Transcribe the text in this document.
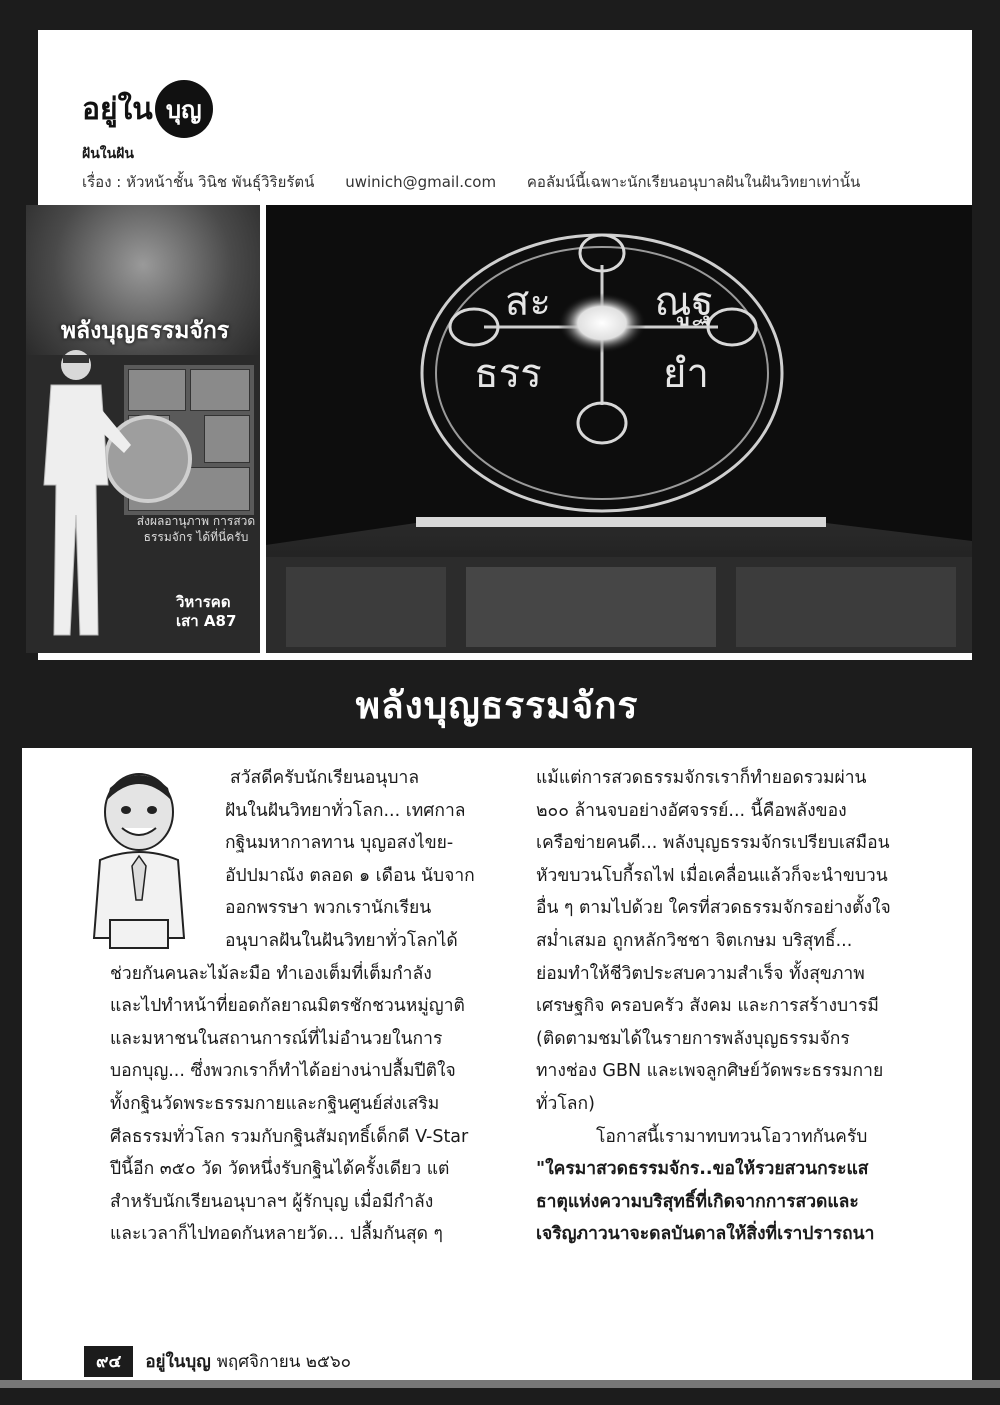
อยู่ใน บุญ
ฝันในฝัน
เรื่อง : หัวหน้าชั้น วินิช พันธุ์วิริยรัตน์ uwinich@gmail.com คอลัมน์นี้เฉพาะนักเรียนอนุบาลฝันในฝันวิทยาเท่านั้น
พลังบุญธรรมจักร
ส่งผลอานุภาพ การสวดธรรมจักร ได้ที่นี่ครับ
วิหารคด
เสา A87
สะ	ณูฐ
ธรร	ยำ
พลังบุญธรรมจักร

สวัสดีครับนักเรียนอนุบาล

ฝันในฝันวิทยาทั่วโลก... เทศกาล

กฐินมหากาลทาน บุญอสงไขย-

อัปปมาณัง ตลอด ๑ เดือน นับจาก

ออกพรรษา พวกเรานักเรียน

อนุบาลฝันในฝันวิทยาทั่วโลกได้

ช่วยกันคนละไม้ละมือ ทำเองเต็มที่เต็มกำลัง

และไปทำหน้าที่ยอดกัลยาณมิตรชักชวนหมู่ญาติ

และมหาชนในสถานการณ์ที่ไม่อำนวยในการ

บอกบุญ... ซึ่งพวกเราก็ทำได้อย่างน่าปลื้มปีติใจ

ทั้งกฐินวัดพระธรรมกายและกฐินศูนย์ส่งเสริม

ศีลธรรมทั่วโลก รวมกับกฐินสัมฤทธิ์เด็กดี V-Star

ปีนี้อีก ๓๕๐ วัด วัดหนึ่งรับกฐินได้ครั้งเดียว แต่

สำหรับนักเรียนอนุบาลฯ ผู้รักบุญ เมื่อมีกำลัง

และเวลาก็ไปทอดกันหลายวัด... ปลื้มกันสุด ๆ

แม้แต่การสวดธรรมจักรเราก็ทำยอดรวมผ่าน

๒๐๐ ล้านจบอย่างอัศจรรย์... นี้คือพลังของ

เครือข่ายคนดี... พลังบุญธรรมจักรเปรียบเสมือน

หัวขบวนโบกี้รถไฟ เมื่อเคลื่อนแล้วก็จะนำขบวน

อื่น ๆ ตามไปด้วย ใครที่สวดธรรมจักรอย่างตั้งใจ

สม่ำเสมอ ถูกหลักวิชชา จิตเกษม บริสุทธิ์...

ย่อมทำให้ชีวิตประสบความสำเร็จ ทั้งสุขภาพ

เศรษฐกิจ ครอบครัว สังคม และการสร้างบารมี

(ติดตามชมได้ในรายการพลังบุญธรรมจักร

ทางช่อง GBN และเพจลูกศิษย์วัดพระธรรมกาย

ทั่วโลก)

โอกาสนี้เรามาทบทวนโอวาทกันครับ

"ใครมาสวดธรรมจักร..ขอให้รวยสวนกระแส

ธาตุแห่งความบริสุทธิ์ที่เกิดจากการสวดและ

เจริญภาวนาจะดลบันดาลให้สิ่งที่เราปรารถนา

๙๔	อยู่ในบุญ พฤศจิกายน ๒๕๖๐
